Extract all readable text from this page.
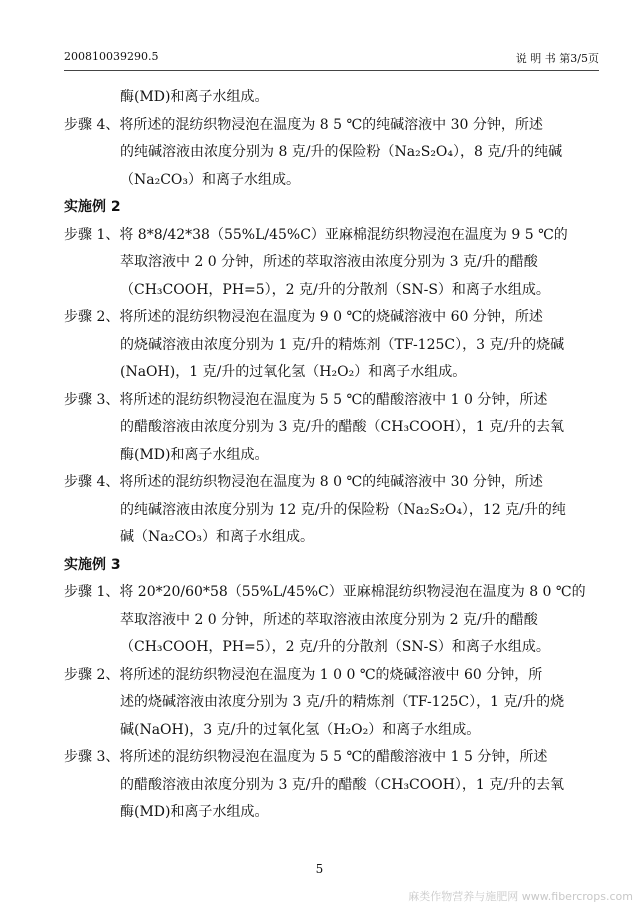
200810039290.5	说 明 书 第3/5页
酶(MD)和离子水组成。
步骤 4、将所述的混纺织物浸泡在温度为 8 5 ℃的纯碱溶液中 30 分钟，所述
的纯碱溶液由浓度分别为 8 克/升的保险粉（Na₂S₂O₄），8 克/升的纯碱
（Na₂CO₃）和离子水组成。
实施例 2
步骤 1、将 8*8/42*38（55%L/45%C）亚麻棉混纺织物浸泡在温度为 9 5 ℃的
萃取溶液中 2 0 分钟，所述的萃取溶液由浓度分别为 3 克/升的醋酸
（CH₃COOH，PH=5），2 克/升的分散剂（SN-S）和离子水组成。
步骤 2、将所述的混纺织物浸泡在温度为 9 0 ℃的烧碱溶液中 60 分钟，所述
的烧碱溶液由浓度分别为 1 克/升的精炼剂（TF-125C），3 克/升的烧碱
(NaOH)，1 克/升的过氧化氢（H₂O₂）和离子水组成。
步骤 3、将所述的混纺织物浸泡在温度为 5 5 ℃的醋酸溶液中 1 0 分钟，所述
的醋酸溶液由浓度分别为 3 克/升的醋酸（CH₃COOH），1 克/升的去氧
酶(MD)和离子水组成。
步骤 4、将所述的混纺织物浸泡在温度为 8 0 ℃的纯碱溶液中 30 分钟，所述
的纯碱溶液由浓度分别为 12 克/升的保险粉（Na₂S₂O₄），12 克/升的纯
碱（Na₂CO₃）和离子水组成。
实施例 3
步骤 1、将 20*20/60*58（55%L/45%C）亚麻棉混纺织物浸泡在温度为 8 0 ℃的
萃取溶液中 2 0 分钟，所述的萃取溶液由浓度分别为 2 克/升的醋酸
（CH₃COOH，PH=5），2 克/升的分散剂（SN-S）和离子水组成。
步骤 2、将所述的混纺织物浸泡在温度为 1 0 0 ℃的烧碱溶液中 60 分钟，所
述的烧碱溶液由浓度分别为 3 克/升的精炼剂（TF-125C），1 克/升的烧
碱(NaOH)，3 克/升的过氧化氢（H₂O₂）和离子水组成。
步骤 3、将所述的混纺织物浸泡在温度为 5 5 ℃的醋酸溶液中 1 5 分钟，所述
的醋酸溶液由浓度分别为 3 克/升的醋酸（CH₃COOH），1 克/升的去氧
酶(MD)和离子水组成。
5
麻类作物营养与施肥网 www.fibercrops.com
